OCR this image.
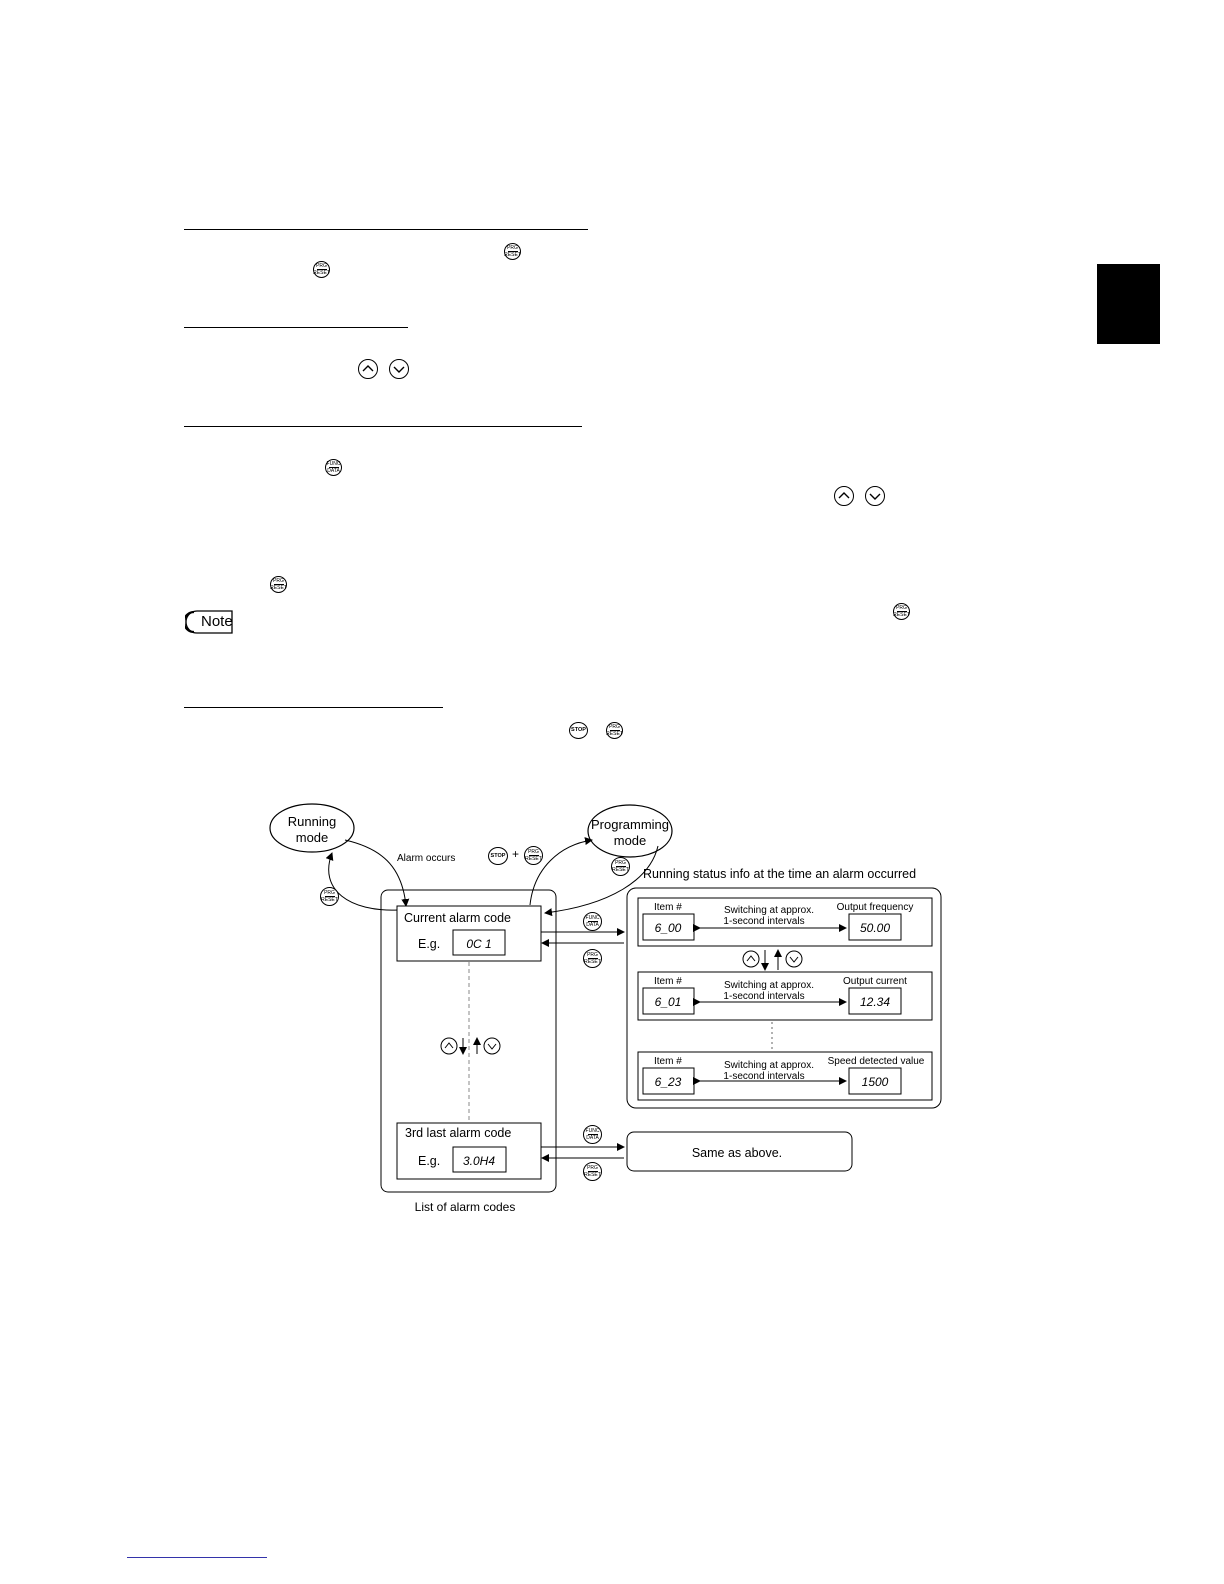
PRG
RESET
PRG
RESET
FUNC
DATA
PRG
RESET
Note
PRG
RESET
STOP
PRG
RESET
Running
mode
Programming
mode
Alarm occurs	+
Running status info at the time an alarm occurred
Current alarm code
E.g. 0C 1
3rd last alarm code
E.g. 3.0H4
List of alarm codes
Item #
6_00
Switching at approx.
1-second intervals
Output frequency
50.00
Item #
6_01
Switching at approx.
1-second intervals
Output current
12.34
Item #
6_23
Switching at approx.
1-second intervals
Speed detected value
1500
Same as above.
STOP
PRG
RESET
PRG
RESET
PRG
RESET
FUNC
DATA
PRG
RESET
FUNC
DATA
PRG
RESET
